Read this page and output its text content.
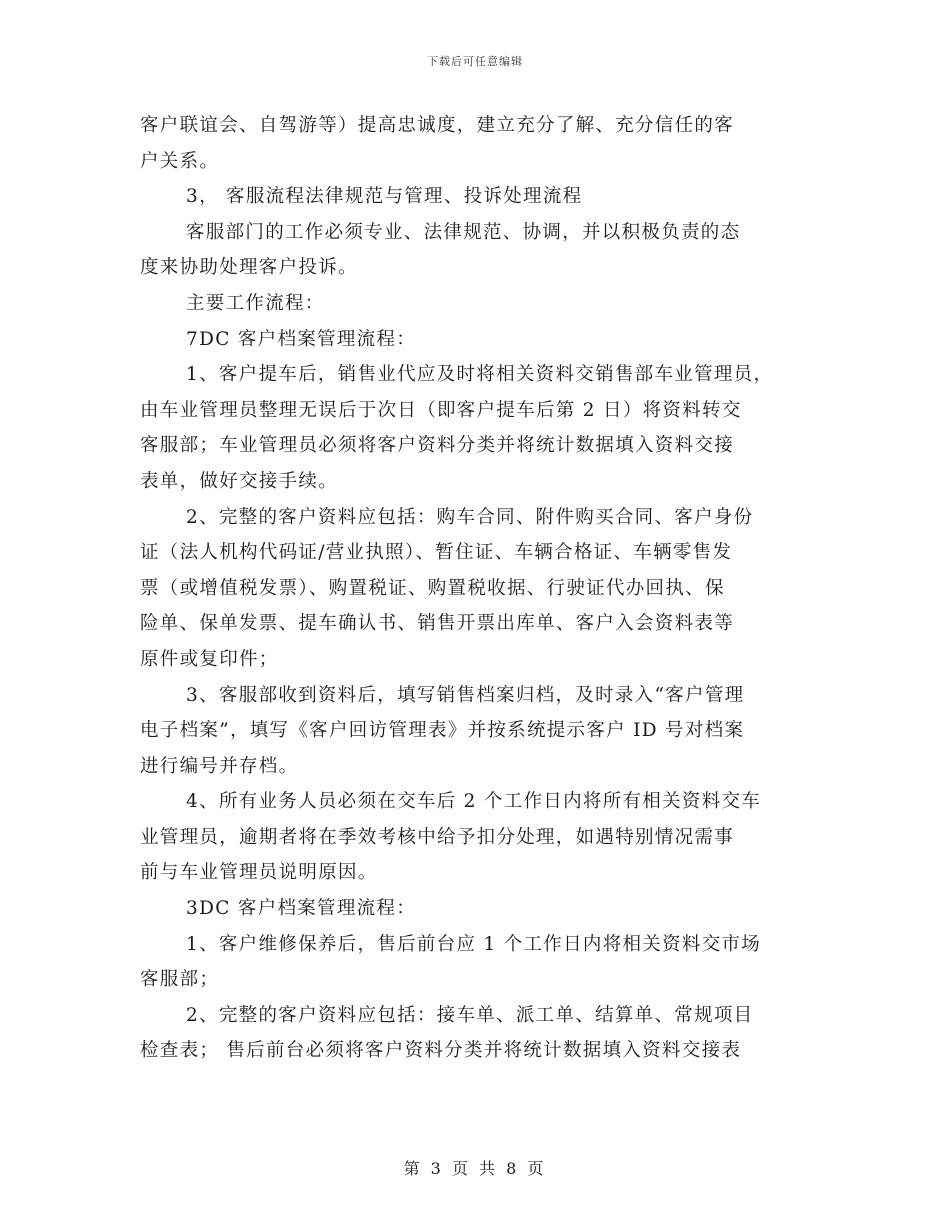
下载后可任意编辑
客户联谊会、自驾游等）提高忠诚度，建立充分了解、充分信任的客
户关系。
3， 客服流程法律规范与管理、投诉处理流程
客服部门的工作必须专业、法律规范、协调，并以积极负责的态
度来协助处理客户投诉。
主要工作流程：
7DC 客户档案管理流程：
1、客户提车后，销售业代应及时将相关资料交销售部车业管理员，
由车业管理员整理无误后于次日（即客户提车后第 2 日）将资料转交
客服部；车业管理员必须将客户资料分类并将统计数据填入资料交接
表单，做好交接手续。
2、完整的客户资料应包括：购车合同、附件购买合同、客户身份
证（法人机构代码证/营业执照）、暂住证、车辆合格证、车辆零售发
票（或增值税发票）、购置税证、购置税收据、行驶证代办回执、保
险单、保单发票、提车确认书、销售开票出库单、客户入会资料表等
原件或复印件；
3、客服部收到资料后，填写销售档案归档，及时录入“客户管理
电子档案”，填写《客户回访管理表》并按系统提示客户 ID 号对档案
进行编号并存档。
4、所有业务人员必须在交车后 2 个工作日内将所有相关资料交车
业管理员，逾期者将在季效考核中给予扣分处理，如遇特别情况需事
前与车业管理员说明原因。
3DC 客户档案管理流程：
1、客户维修保养后，售后前台应 1 个工作日内将相关资料交市场
客服部；
2、完整的客户资料应包括：接车单、派工单、结算单、常规项目
检查表； 售后前台必须将客户资料分类并将统计数据填入资料交接表
第 3 页 共 8 页
